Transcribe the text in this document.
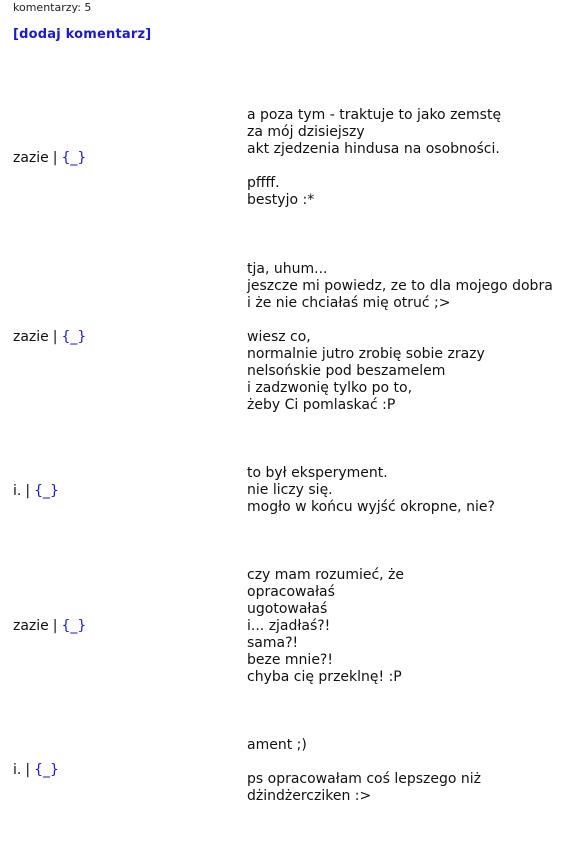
komentarzy: 5
[dodaj komentarz]
zazie | {_}
a poza tym - traktuje to jako zemstę
za mój dzisiejszy
akt zjedzenia hindusa na osobności.
pffff.
bestyjo :*
zazie | {_}
tja, uhum...
jeszcze mi powiedz, ze to dla mojego dobra
i że nie chciałaś mię otruć ;>
wiesz co,
normalnie jutro zrobię sobie zrazy
nelsońskie pod beszamelem
i zadzwonię tylko po to,
żeby Ci pomlaskać :P
i. | {_}
to był eksperyment.
nie liczy się.
mogło w końcu wyjść okropne, nie?
zazie | {_}
czy mam rozumieć, że
opracowałaś
ugotowałaś
i... zjadłaś?!
sama?!
beze mnie?!
chyba cię przeklnę! :P
i. | {_}
ament ;)
ps opracowałam coś lepszego niż
dżindżercziken :>
